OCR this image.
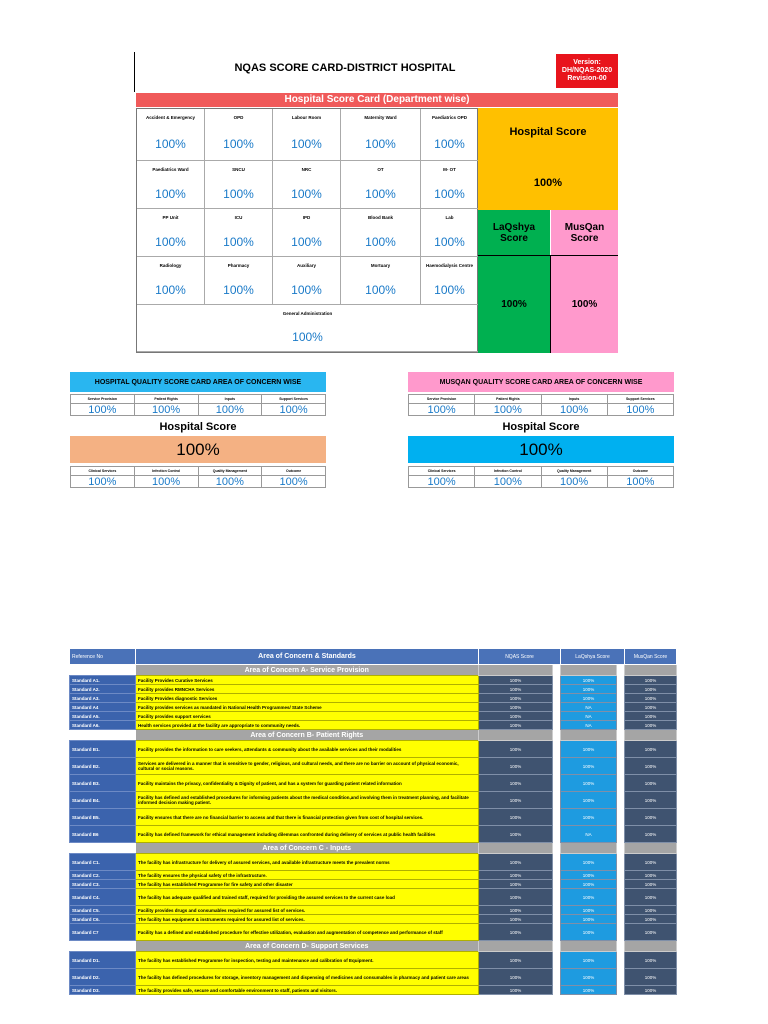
NQAS SCORE CARD-DISTRICT HOSPITAL	Version:
DH/NQAS-2020
Revision-00
Hospital Score Card (Department wise)
Accident & Emergency
100%
OPD
100%
Labour Room
100%
Maternity Ward
100%
Paediatrics OPD
100%
Paediatrics Ward
100%
SNCU
100%
NRC
100%
OT
100%
M- OT
100%
PP Unit
100%
ICU
100%
IPD
100%
Blood Bank
100%
Lab
100%
Radiology
100%
Pharmacy
100%
Auxiliary
100%
Mortuary
100%
Haemodialysis Centre
100%
General Administration
100%
Hospital Score
100%
LaQshya Score
MusQan Score
100%	100%
HOSPITAL QUALITY SCORE CARD AREA OF CONCERN WISE
Service Provision	Patient Rights	Inputs	Support Services
100%	100%	100%	100%
Hospital Score
100%
Clinical Services	Infection Control	Quality Management	Outcome
100%	100%	100%	100%
MUSQAN QUALITY SCORE CARD AREA OF CONCERN WISE
Service Provision	Patient Rights	Inputs	Support Services
100%	100%	100%	100%
Hospital Score
100%
Clinical Services	Infection Control	Quality Management	Outcome
100%	100%	100%	100%
Reference No	Area of Concern & Standards	NQAS Score		LaQshya Score		MusQan Score
	Area of Concern A- Service Provision					
Standard A1.	Facility Provides Curative Services	100%		100%		100%
Standard A2.	Facility provides RMNCHA Services	100%		100%		100%
Standard A3.	Facility Provides diagnostic Services	100%		100%		100%
Standard A4	Facility provides services as mandated in National Health Programmes/ State Scheme	100%		NA		100%
Standard A5.	Facility provides support services	100%		NA		100%
Standard A6.	Health services provided at the facility are appropriate to community needs.	100%		NA		100%
	Area of Concern B- Patient Rights					
Standard B1.	Facility provides the information to care seekers, attendants & community about the available services and their modalities	100%		100%		100%
Standard B2.	Services are delivered in a manner that is sensitive to gender, religious, and cultural needs, and there are no barrier on account of physical economic, cultural or social reasons.	100%		100%		100%
Standard B3.	Facility maintains the privacy, confidentiality & Dignity of patient, and has a system for guarding patient related information	100%		100%		100%
Standard B4.	Facility has defined and established procedures for informing patients about the medical condition,and involving them in treatment planning, and facilitate informed decision making patient.	100%		100%		100%
Standard B5.	Facility ensures that there are no financial barrier to access and that there is financial protection given from cost of hospital services.	100%		100%		100%
Standard B6	Facility has defined framework for ethical management including dilemmas confronted during delivery of services at public health facilities	100%		NA		100%
	Area of Concern C - Inputs					
Standard C1.	The facility has infrastructure for delivery of assured services, and available infrastructure meets the prevalent norms	100%		100%		100%
Standard C2.	The facility ensures the physical safety of the infrastructure.	100%		100%		100%
Standard C3.	The facility has established Programme for fire safety and other disaster	100%		100%		100%
Standard C4.	The facility has adequate qualified and trained staff, required for providing the assured services to the current case load	100%		100%		100%
Standard C5.	Facility provides drugs and consumables required for assured list of services.	100%		100%		100%
Standard C6.	The facility has equipment & instruments required for assured list of services.	100%		100%		100%
Standard C7	Facility has a defined and established procedure for effective utilization, evaluation and augmentation of competence and performance of staff	100%		100%		100%
	Area of Concern D- Support Services					
Standard D1.	The facility has established Programme for inspection, testing and maintenance and calibration of Equipment.	100%		100%		100%
Standard D2.	The facility has defined procedures for storage, inventory management and dispensing of medicines and consumables in pharmacy and patient care areas	100%		100%		100%
Standard D3.	The facility provides safe, secure and comfortable environment to staff, patients and visitors.	100%		100%		100%
